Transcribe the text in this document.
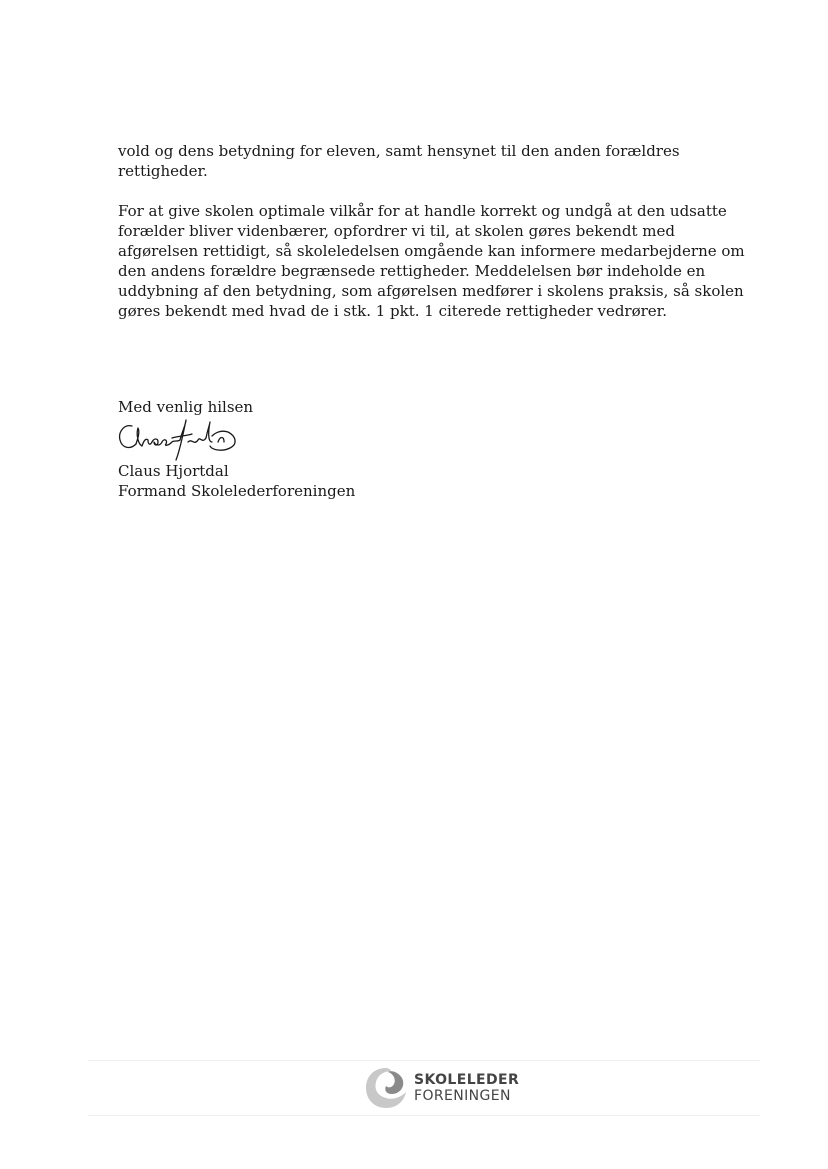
vold og dens betydning for eleven, samt hensynet til den anden forældres
rettigheder.

For at give skolen optimale vilkår for at handle korrekt og undgå at den udsatte
forælder bliver videnbærer, opfordrer vi til, at skolen gøres bekendt med
afgørelsen rettidigt, så skoleledelsen omgående kan informere medarbejderne om
den andens forældre begrænsede rettigheder. Meddelelsen bør indeholde en
uddybning af den betydning, som afgørelsen medfører i skolens praksis, så skolen
gøres bekendt med hvad de i stk. 1 pkt. 1 citerede rettigheder vedrører.

Med venlig hilsen
Claus Hjortdal
Formand Skolelederforeningen
SKOLELEDER
FORENINGEN
